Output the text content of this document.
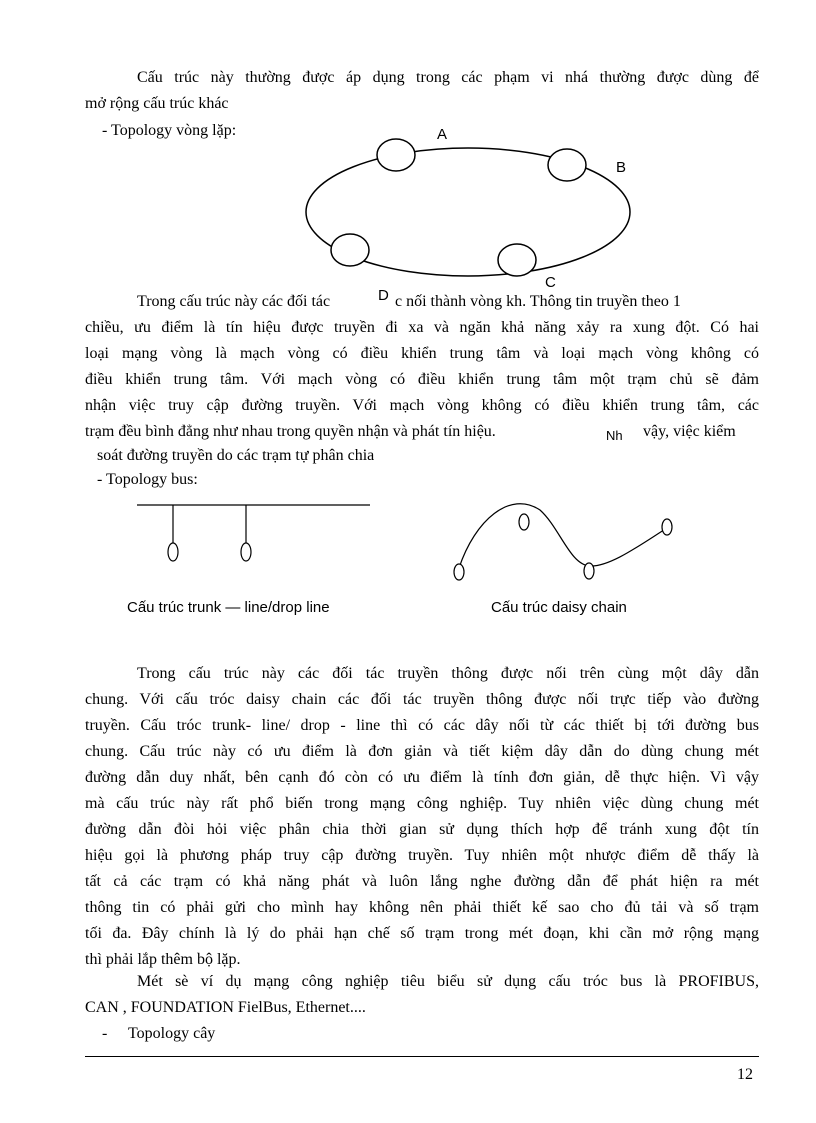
Cấu trúc này thường được áp dụng trong các phạm vi nhá thường được dùng để
mở rộng cấu trúc khác
- Topology vòng lặp:	A
B
C
D
Trong cấu trúc này các đối tác	c nối thành vòng kh. Thông tin truyền theo 1
chiều, ưu điểm là tín hiệu được truyền đi xa và ngăn khả năng xảy ra xung đột. Có hai
loại mạng vòng là mạch vòng có điều khiển trung tâm và loại mạch vòng không có
điều khiển trung tâm. Với mạch vòng có điều khiển trung tâm một trạm chủ sẽ đảm
nhận việc truy cập đường truyền. Với mạch vòng không có điều khiển trung tâm, các
trạm đều bình đẳng như nhau trong quyền nhận và phát tín hiệu.	Nh vậy, việc kiểm
soát đường truyền do các trạm tự phân chia
- Topology bus:
Cấu trúc trunk — line/drop line	Cấu trúc daisy chain
Trong cấu trúc này các đối tác truyền thông được nối trên cùng một dây dẫn
chung. Với cấu tróc daisy chain các đối tác truyền thông được nối trực tiếp vào đường
truyền. Cấu tróc trunk- line/ drop - line thì có các dây nối từ các thiết bị tới đường bus
chung. Cấu trúc này có ưu điểm là đơn giản và tiết kiệm dây dẫn do dùng chung mét
đường dẫn duy nhất, bên cạnh đó còn có ưu điểm là tính đơn giản, dễ thực hiện. Vì vậy
mà cấu trúc này rất phổ biến trong mạng công nghiệp. Tuy nhiên việc dùng chung mét
đường dẫn đòi hỏi việc phân chia thời gian sử dụng thích hợp để tránh xung đột tín
hiệu gọi là phương pháp truy cập đường truyền. Tuy nhiên một nhược điểm dễ thấy là
tất cả các trạm có khả năng phát và luôn lắng nghe đường dẫn để phát hiện ra mét
thông tin có phải gửi cho mình hay không nên phải thiết kế sao cho đủ tải và số trạm
tối đa. Đây chính là lý do phải hạn chế số trạm trong mét đoạn, khi cần mở rộng mạng
thì phải lắp thêm bộ lặp.
Mét sè ví dụ mạng công nghiệp tiêu biểu sử dụng cấu tróc bus là PROFIBUS,
CAN , FOUNDATION FielBus, Ethernet....
- Topology cây
12
